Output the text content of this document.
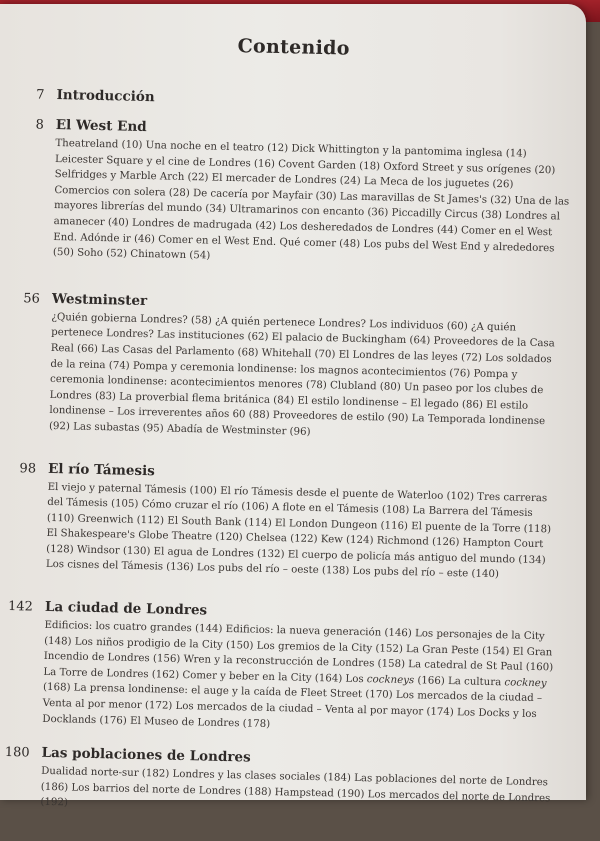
Contenido
7 Introducción
8 El West End
Theatreland (10) Una noche en el teatro (12) Dick Whittington y la pantomima inglesa (14) Leicester Square y el cine de Londres (16) Covent Garden (18) Oxford Street y sus orígenes (20) Selfridges y Marble Arch (22) El mercader de Londres (24) La Meca de los juguetes (26) Comercios con solera (28) De cacería por Mayfair (30) Las maravillas de St James's (32) Una de las mayores librerías del mundo (34) Ultramarinos con encanto (36) Piccadilly Circus (38) Londres al amanecer (40) Londres de madrugada (42) Los desheredados de Londres (44) Comer en el West End. Adónde ir (46) Comer en el West End. Qué comer (48) Los pubs del West End y alrededores (50) Soho (52) Chinatown (54)
56 Westminster
¿Quién gobierna Londres? (58) ¿A quién pertenece Londres? Los individuos (60) ¿A quién pertenece Londres? Las instituciones (62) El palacio de Buckingham (64) Proveedores de la Casa Real (66) Las Casas del Parlamento (68) Whitehall (70) El Londres de las leyes (72) Los soldados de la reina (74) Pompa y ceremonia londinense: los magnos acontecimientos (76) Pompa y ceremonia londinense: acontecimientos menores (78) Clubland (80) Un paseo por los clubes de Londres (83) La proverbial flema británica (84) El estilo londinense – El legado (86) El estilo londinense – Los irreverentes años 60 (88) Proveedores de estilo (90) La Temporada londinense (92) Las subastas (95) Abadía de Westminster (96)
98 El río Támesis
El viejo y paternal Támesis (100) El río Támesis desde el puente de Waterloo (102) Tres carreras del Támesis (105) Cómo cruzar el río (106) A flote en el Támesis (108) La Barrera del Támesis (110) Greenwich (112) El South Bank (114) El London Dungeon (116) El puente de la Torre (118) El Shakespeare's Globe Theatre (120) Chelsea (122) Kew (124) Richmond (126) Hampton Court (128) Windsor (130) El agua de Londres (132) El cuerpo de policía más antiguo del mundo (134) Los cisnes del Támesis (136) Los pubs del río – oeste (138) Los pubs del río – este (140)
142 La ciudad de Londres
Edificios: los cuatro grandes (144) Edificios: la nueva generación (146) Los personajes de la City (148) Los niños prodigio de la City (150) Los gremios de la City (152) La Gran Peste (154) El Gran Incendio de Londres (156) Wren y la reconstrucción de Londres (158) La catedral de St Paul (160) La Torre de Londres (162) Comer y beber en la City (164) Los cockneys (166) La cultura cockney (168) La prensa londinense: el auge y la caída de Fleet Street (170) Los mercados de la ciudad – Venta al por menor (172) Los mercados de la ciudad – Venta al por mayor (174) Los Docks y los Docklands (176) El Museo de Londres (178)
180 Las poblaciones de Londres
Dualidad norte-sur (182) Londres y las clases sociales (184) Las poblaciones del norte de Londres (186) Los barrios del norte de Londres (188) Hampstead (190) Los mercados del norte de Londres (192)
